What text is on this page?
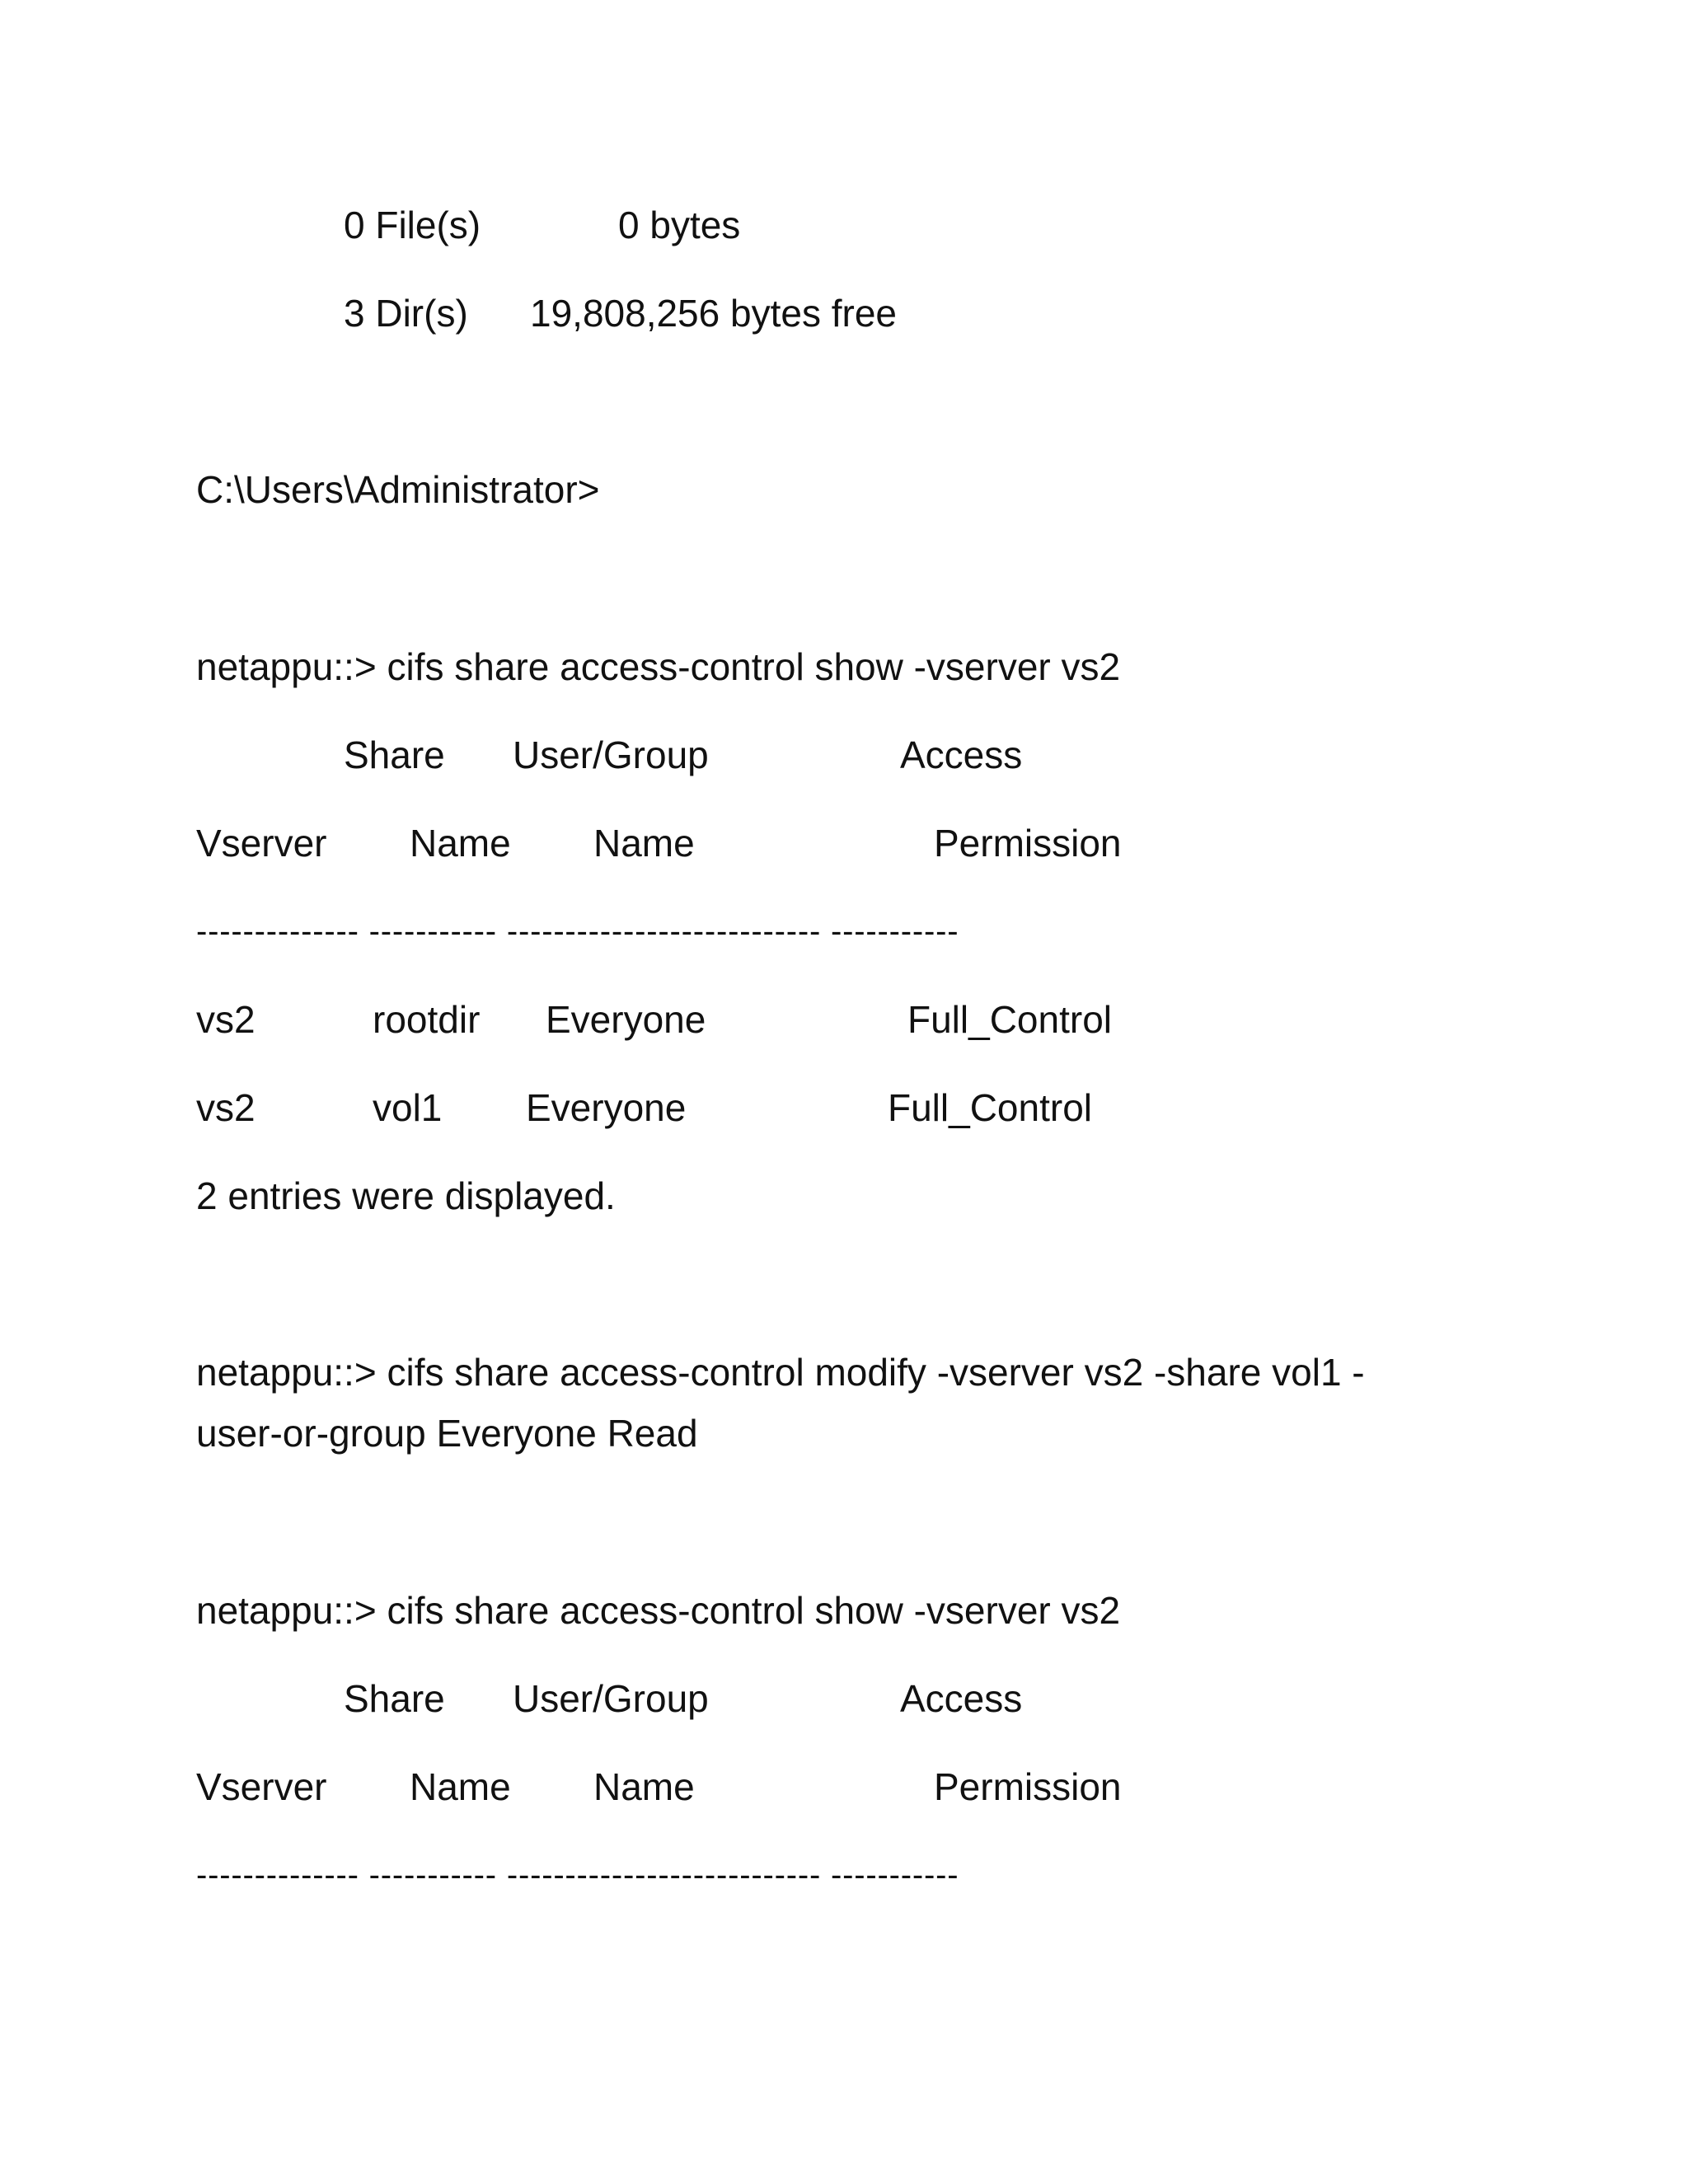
0 File(s)	0 bytes
3 Dir(s) 19,808,256 bytes free
C:\Users\Administrator>
netappu::> cifs share access-control show -vserver vs2
Share User/Group	Access
Vserver Name Name	Permission
-------------- ----------- --------------------------- -----------
vs2	rootdir Everyone	Full_Control
vs2	vol1 Everyone	Full_Control
2 entries were displayed.
netappu::> cifs share access-control modify -vserver vs2 -share vol1 -
user-or-group Everyone Read
netappu::> cifs share access-control show -vserver vs2
Share User/Group	Access
Vserver Name Name	Permission
-------------- ----------- --------------------------- -----------
